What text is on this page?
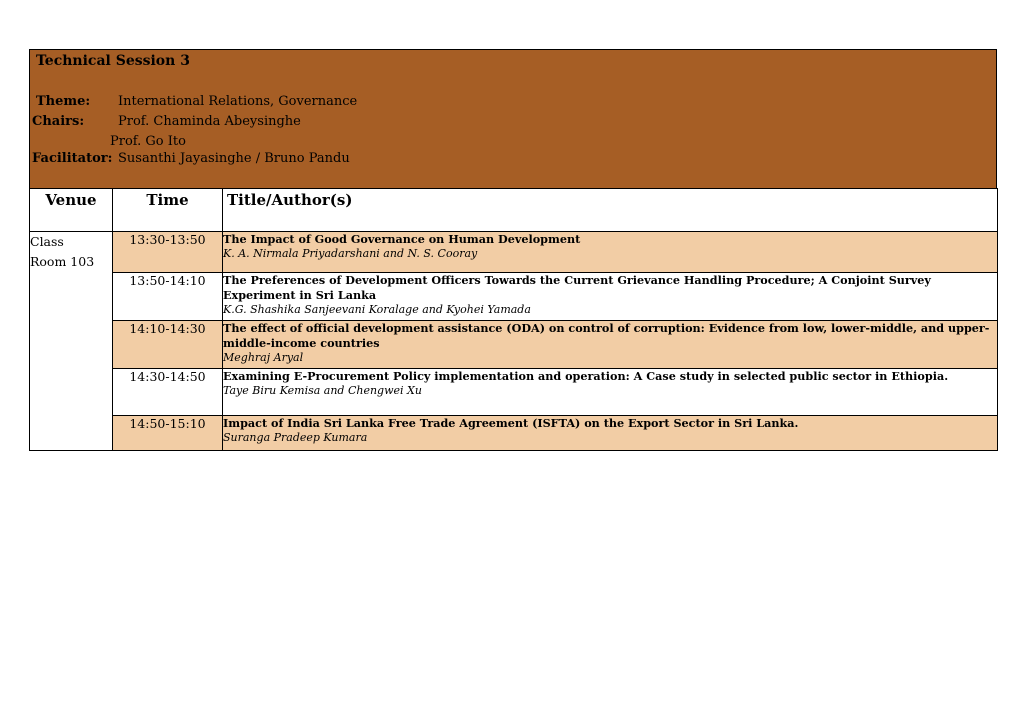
Technical Session 3
Theme: International Relations, Governance
Chairs:	Prof. Chaminda Abeysinghe
Prof. Go Ito
Facilitator: Susanthi Jayasinghe / Bruno Pandu
Venue	Time	Title/Author(s)
Class
Room 103	13:30-13:50	The Impact of Good Governance on Human Development
K. A. Nirmala Priyadarshani and N. S. Cooray

	13:50-14:10	The Preferences of Development Officers Towards the Current Grievance Handling Procedure; A Conjoint Survey Experiment in Sri Lanka
K.G. Shashika Sanjeevani Koralage and Kyohei Yamada

	14:10-14:30	The effect of official development assistance (ODA) on control of corruption: Evidence from low, lower-middle, and upper-middle-income countries
Meghraj Aryal

	14:30-14:50	Examining E-Procurement Policy implementation and operation: A Case study in selected public sector in Ethiopia.
Taye Biru Kemisa and Chengwei Xu

	14:50-15:10	Impact of India Sri Lanka Free Trade Agreement (ISFTA) on the Export Sector in Sri Lanka.
Suranga Pradeep Kumara
